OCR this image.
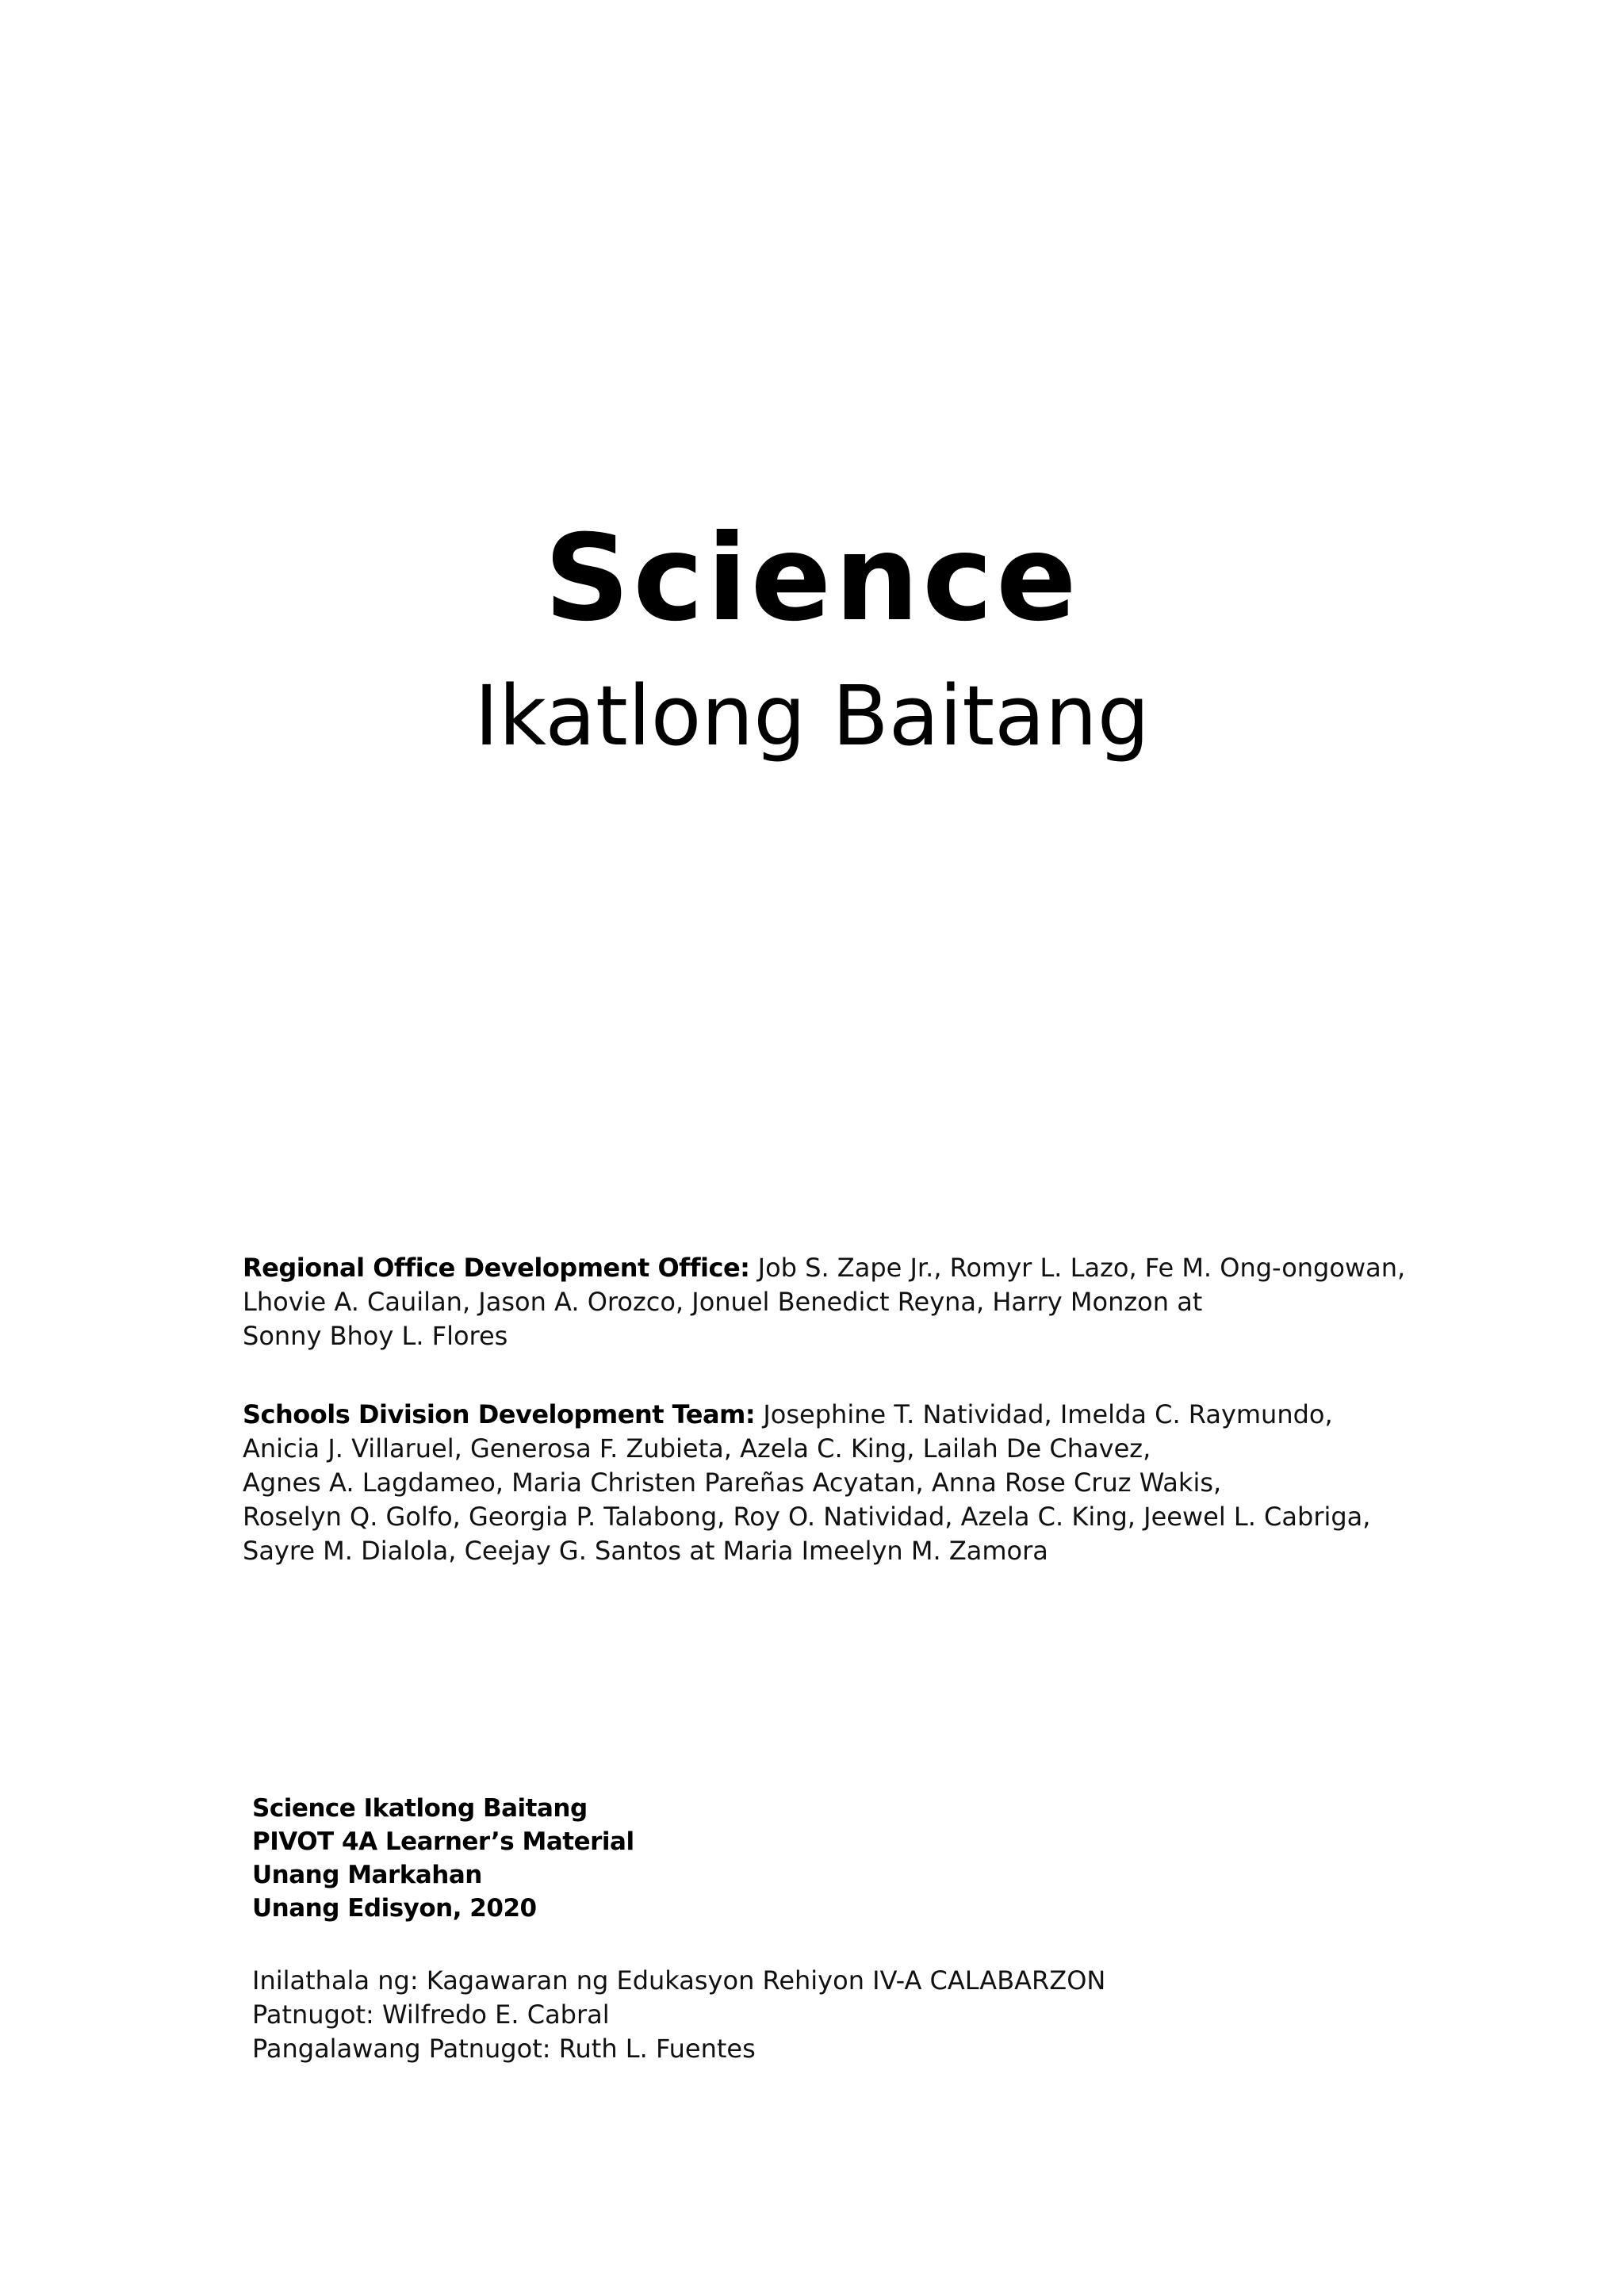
Science
Ikatlong Baitang
Regional Office Development Office: Job S. Zape Jr., Romyr L. Lazo, Fe M. Ong-ongowan,
Lhovie A. Cauilan, Jason A. Orozco, Jonuel Benedict Reyna, Harry Monzon at
Sonny Bhoy L. Flores
Schools Division Development Team: Josephine T. Natividad, Imelda C. Raymundo,
Anicia J. Villaruel, Generosa F. Zubieta, Azela C. King, Lailah De Chavez,
Agnes A. Lagdameo, Maria Christen Pareñas Acyatan, Anna Rose Cruz Wakis,
Roselyn Q. Golfo, Georgia P. Talabong, Roy O. Natividad, Azela C. King, Jeewel L. Cabriga,
Sayre M. Dialola, Ceejay G. Santos at Maria Imeelyn M. Zamora
Science Ikatlong Baitang
PIVOT 4A Learner’s Material
Unang Markahan
Unang Edisyon, 2020
Inilathala ng: Kagawaran ng Edukasyon Rehiyon IV-A CALABARZON
Patnugot: Wilfredo E. Cabral
Pangalawang Patnugot: Ruth L. Fuentes
